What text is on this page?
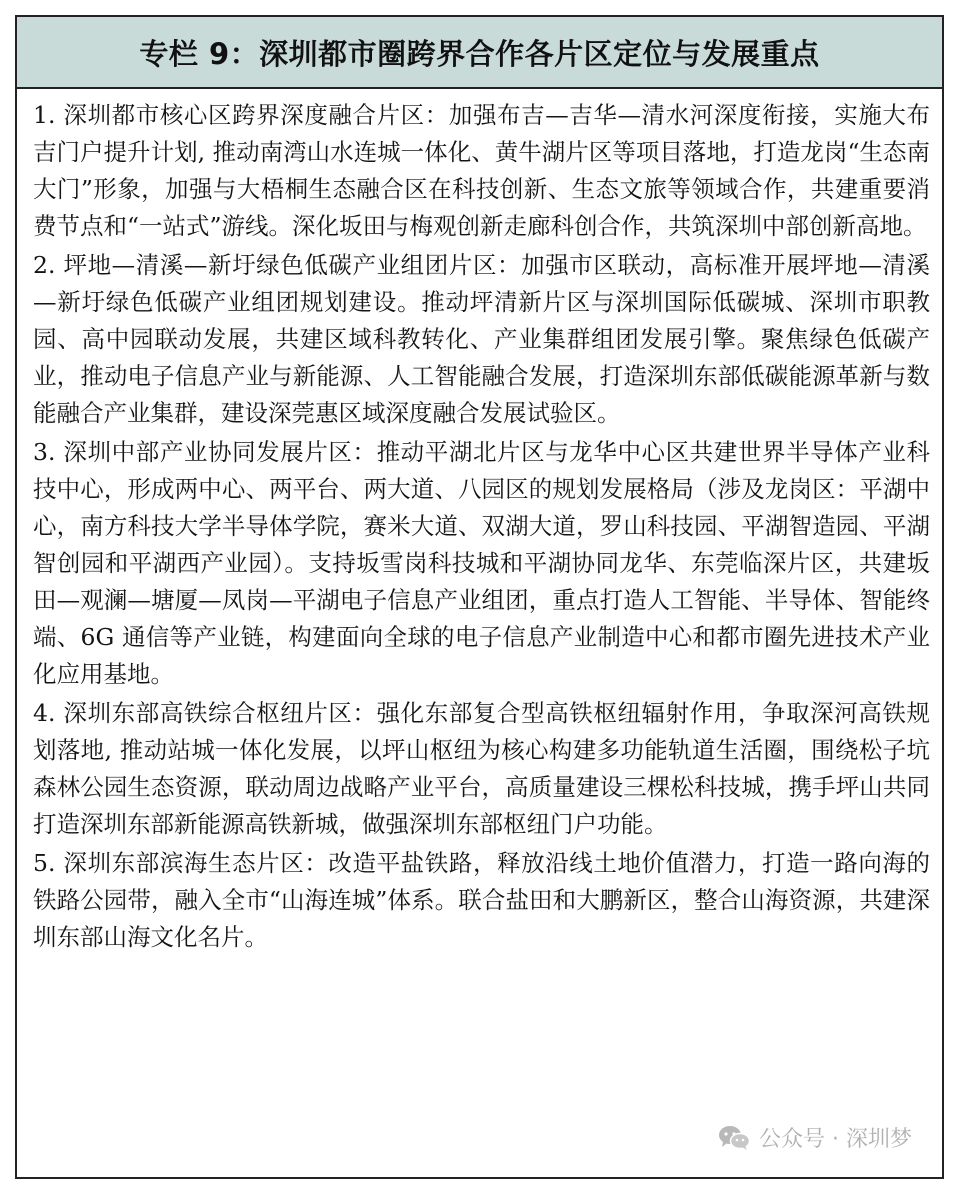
专栏 9：深圳都市圈跨界合作各片区定位与发展重点

1. 深圳都市核心区跨界深度融合片区：加强布吉—吉华—清水河深度衔接，实施大布吉门户提升计划, 推动南湾山水连城一体化、黄牛湖片区等项目落地，打造龙岗“生态南大门”形象，加强与大梧桐生态融合区在科技创新、生态文旅等领域合作，共建重要消费节点和“一站式”游线。深化坂田与梅观创新走廊科创合作，共筑深圳中部创新高地。

2. 坪地—清溪—新圩绿色低碳产业组团片区：加强市区联动，高标准开展坪地—清溪—新圩绿色低碳产业组团规划建设。推动坪清新片区与深圳国际低碳城、深圳市职教园、高中园联动发展，共建区域科教转化、产业集群组团发展引擎。聚焦绿色低碳产业，推动电子信息产业与新能源、人工智能融合发展，打造深圳东部低碳能源革新与数能融合产业集群，建设深莞惠区域深度融合发展试验区。

3. 深圳中部产业协同发展片区：推动平湖北片区与龙华中心区共建世界半导体产业科技中心，形成两中心、两平台、两大道、八园区的规划发展格局（涉及龙岗区：平湖中心，南方科技大学半导体学院，赛米大道、双湖大道，罗山科技园、平湖智造园、平湖智创园和平湖西产业园）。支持坂雪岗科技城和平湖协同龙华、东莞临深片区，共建坂田—观澜—塘厦—凤岗—平湖电子信息产业组团，重点打造人工智能、半导体、智能终端、6G 通信等产业链，构建面向全球的电子信息产业制造中心和都市圈先进技术产业化应用基地。

4. 深圳东部高铁综合枢纽片区：强化东部复合型高铁枢纽辐射作用，争取深河高铁规划落地, 推动站城一体化发展，以坪山枢纽为核心构建多功能轨道生活圈，围绕松子坑森林公园生态资源，联动周边战略产业平台，高质量建设三棵松科技城，携手坪山共同打造深圳东部新能源高铁新城，做强深圳东部枢纽门户功能。

5. 深圳东部滨海生态片区：改造平盐铁路，释放沿线土地价值潜力，打造一路向海的铁路公园带，融入全市“山海连城”体系。联合盐田和大鹏新区，整合山海资源，共建深圳东部山海文化名片。

公众号 · 深圳梦
